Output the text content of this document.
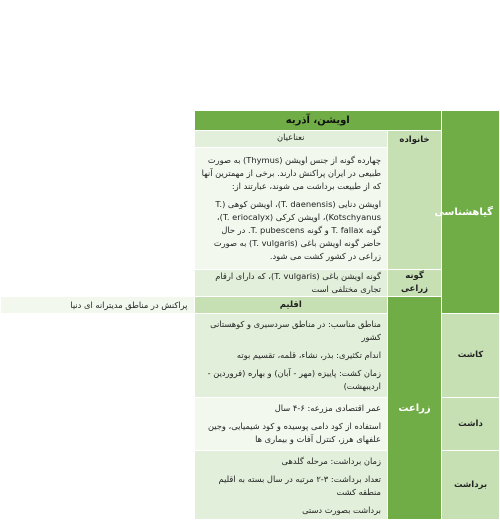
گیاهشناسی	اویشن، آذربه		
	خانواده	نعناعیان	

		چهارده گونه از جنس اویشن (Thymus) به صورت طبیعی در ایران پراکنش دارند. برخی از مهمترین آنها که از طبیعت برداشت می شوند، عبارتند از:
اویشن دنایی (T. daenensis)، اویشن کوهی (T. Kotschyanus)، اویشن کرکی (T. eriocalyx)، گونه T. fallax و گونه T. pubescens. در حال حاضر گونه اویشن باغی (T. vulgaris) به صورت زراعی در کشور کشت می شود.	

	گونه زراعی	گونه اویشن باغی (T. vulgaris)، که دارای ارقام تجاری مختلفی است	
	زراعت	اقلیم	پراکنش در مناطق مدیترانه ای دنیا
کاشت		مناطق مناسب: در مناطق سردسیری و کوهستانی کشور
اندام تکثیری: بذر، نشاء، قلمه، تقسیم بوته
زمان کشت: پاییزه (مهر - آبان) و بهاره (فروردین - اردیبهشت)	

داشت		عمر اقتصادی مزرعه: ۶-۴ سال
استفاده از کود دامی پوسیده و کود شیمیایی، وجین علفهای هرز، کنترل آفات و بیماری ها	

برداشت		زمان برداشت: مرحله گلدهی
تعداد برداشت: ۳-۲ مرتبه در سال بسته به اقلیم منطقه کشت
برداشت بصورت دستی	
